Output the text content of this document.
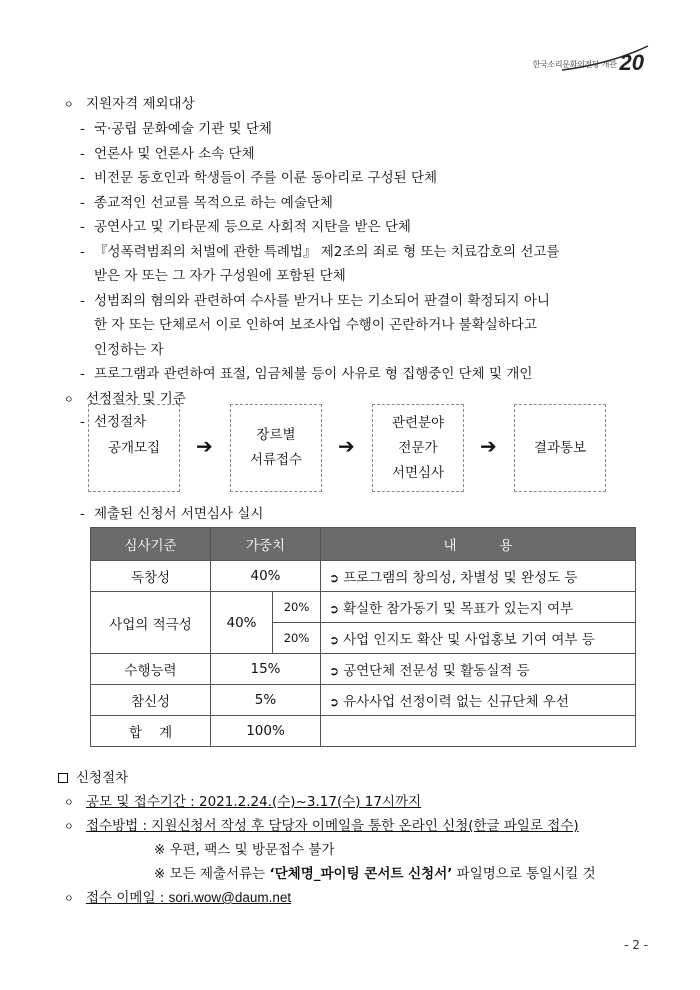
한국소리문화의전당 개관 20
ㅇ 지원자격 제외대상
- 국·공립 문화예술 기관 및 단체
- 언론사 및 언론사 소속 단체
- 비전문 동호인과 학생들이 주를 이룬 동아리로 구성된 단체
- 종교적인 선교를 목적으로 하는 예술단체
- 공연사고 및 기타문제 등으로 사회적 지탄을 받은 단체
- 『성폭력범죄의 처벌에 관한 특례법』 제2조의 죄로 형 또는 치료감호의 선고를
받은 자 또는 그 자가 구성원에 포함된 단체
- 성범죄의 혐의와 관련하여 수사를 받거나 또는 기소되어 판결이 확정되지 아니
한 자 또는 단체로서 이로 인하여 보조사업 수행이 곤란하거나 불확실하다고
인정하는 자
- 프로그램과 관련하여 표절, 임금체불 등이 사유로 형 집행중인 단체 및 개인
ㅇ 선정절차 및 기준
- 선정절차
공개모집 ➔	장르별
서류접수
➔
관련분야
전문가
서면심사
➔	결과통보
- 제출된 신청서 서면심사 실시
심사기준	가중치		내          용
독창성	40%		➲ 프로그램의 창의성, 차별성 및 완성도 등
사업의 적극성	40%	20%	➲ 확실한 참가동기 및 목표가 있는지 여부
		20%	➲ 사업 인지도 확산 및 사업홍보 기여 여부 등
수행능력	15%		➲ 공연단체 전문성 및 활동실적 등
참신성	5%		➲ 유사사업 선정이력 없는 신규단체 우선
합    계	100%		
신청절차
ㅇ 공모 및 접수기간 : 2021.2.24.(수)~3.17(수) 17시까지
ㅇ 접수방법 : 지원신청서 작성 후 담당자 이메일을 통한 온라인 신청(한글 파일로 접수)
※ 우편, 팩스 및 방문접수 불가
※ 모든 제출서류는 ‘단체명_파이팅 콘서트 신청서’ 파일명으로 통일시킬 것
ㅇ 접수 이메일 : sori.wow@daum.net
- 2 -
